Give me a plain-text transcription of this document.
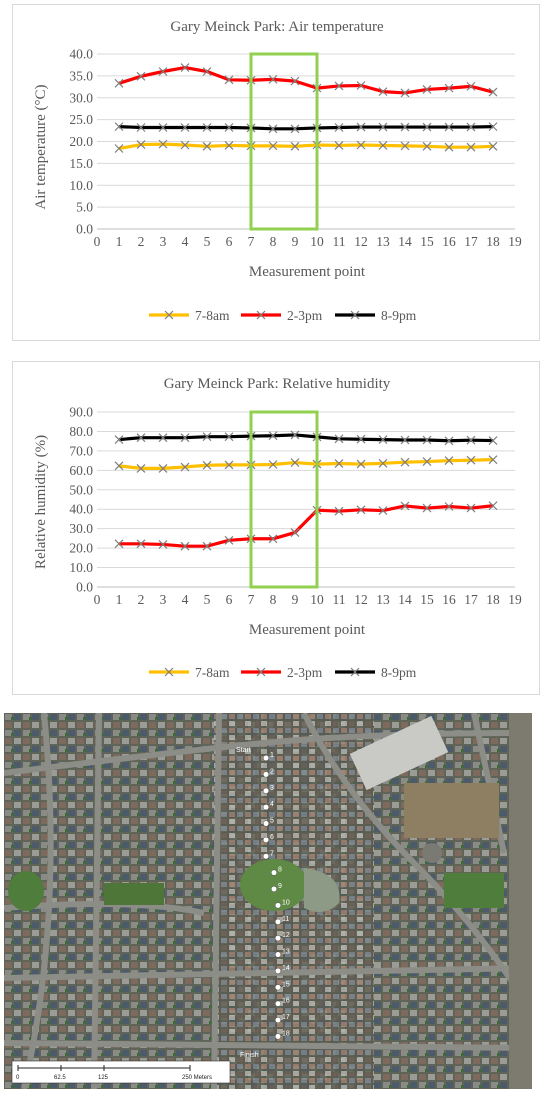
Gary Meinck Park: Air temperature
Air temperature (°C)
Measurement point
0.0
5.0
10.0
15.0
20.0
25.0
30.0
35.0
40.0
0 1 2 3 4 5 6 7 8 9 10 11 12 13 14 15 16 17 18 19
7-8am	2-3pm	8-9pm
Gary Meinck Park: Relative humidity
Relative humidity (%)
Measurement point
0.0
10.0
20.0
30.0
40.0
50.0
60.0
70.0
80.0
90.0
0 1 2 3 4 5 6 7 8 9 10 11 12 13 14 15 16 17 18 19
7-8am	2-3pm	8-9pm
Start
Finish
1
2
3
4
5
6
7
8
9
10
11
12
13
14
15
16
17
18
0	62.5	125	250 Meters
